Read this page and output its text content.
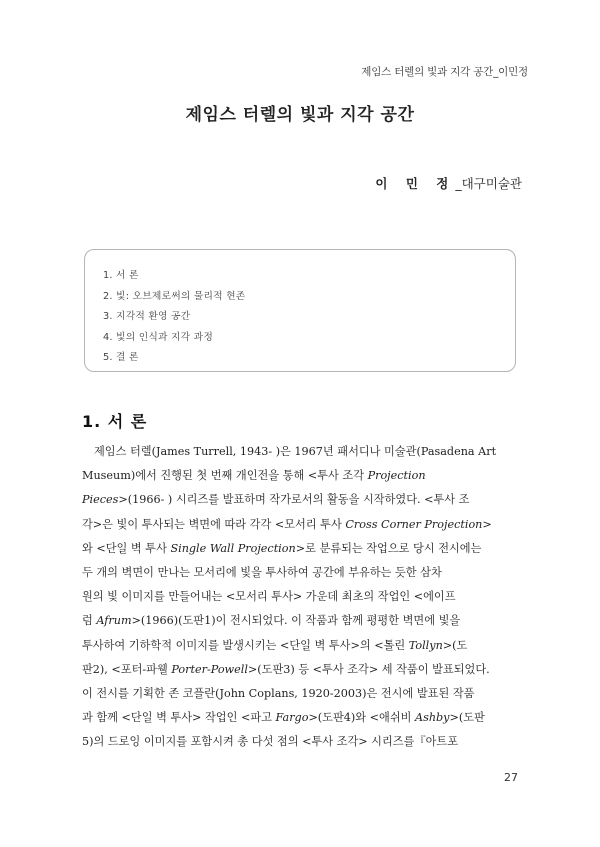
제임스 터렐의 빛과 지각 공간_이민정
제임스 터렐의 빛과 지각 공간
이 민 정_대구미술관
1. 서 론
2. 빛: 오브제로써의 물리적 현존
3. 지각적 환영 공간
4. 빛의 인식과 지각 과정
5. 결 론
1. 서 론
제임스 터렐(James Turrell, 1943- )은 1967년 패서디나 미술관(Pasadena Art
Museum)에서 진행된 첫 번째 개인전을 통해 <투사 조각 Projection
Pieces>(1966- ) 시리즈를 발표하며 작가로서의 활동을 시작하였다. <투사 조
각>은 빛이 투사되는 벽면에 따라 각각 <모서리 투사 Cross Corner Projection>
와 <단일 벽 투사 Single Wall Projection>로 분류되는 작업으로 당시 전시에는
두 개의 벽면이 만나는 모서리에 빛을 투사하여 공간에 부유하는 듯한 삼차
원의 빛 이미지를 만들어내는 <모서리 투사> 가운데 최초의 작업인 <에이프
럼 Afrum>(1966)(도판1)이 전시되었다. 이 작품과 함께 평평한 벽면에 빛을
투사하여 기하학적 이미지를 발생시키는 <단일 벽 투사>의 <톨린 Tollyn>(도
판2), <포터-파웰 Porter-Powell>(도판3) 등 <투사 조각> 세 작품이 발표되었다.
이 전시를 기획한 존 코플란(John Coplans, 1920-2003)은 전시에 발표된 작품
과 함께 <단일 벽 투사> 작업인 <파고 Fargo>(도판4)와 <애쉬비 Ashby>(도판
5)의 드로잉 이미지를 포함시켜 총 다섯 점의 <투사 조각> 시리즈를『아트포
27
